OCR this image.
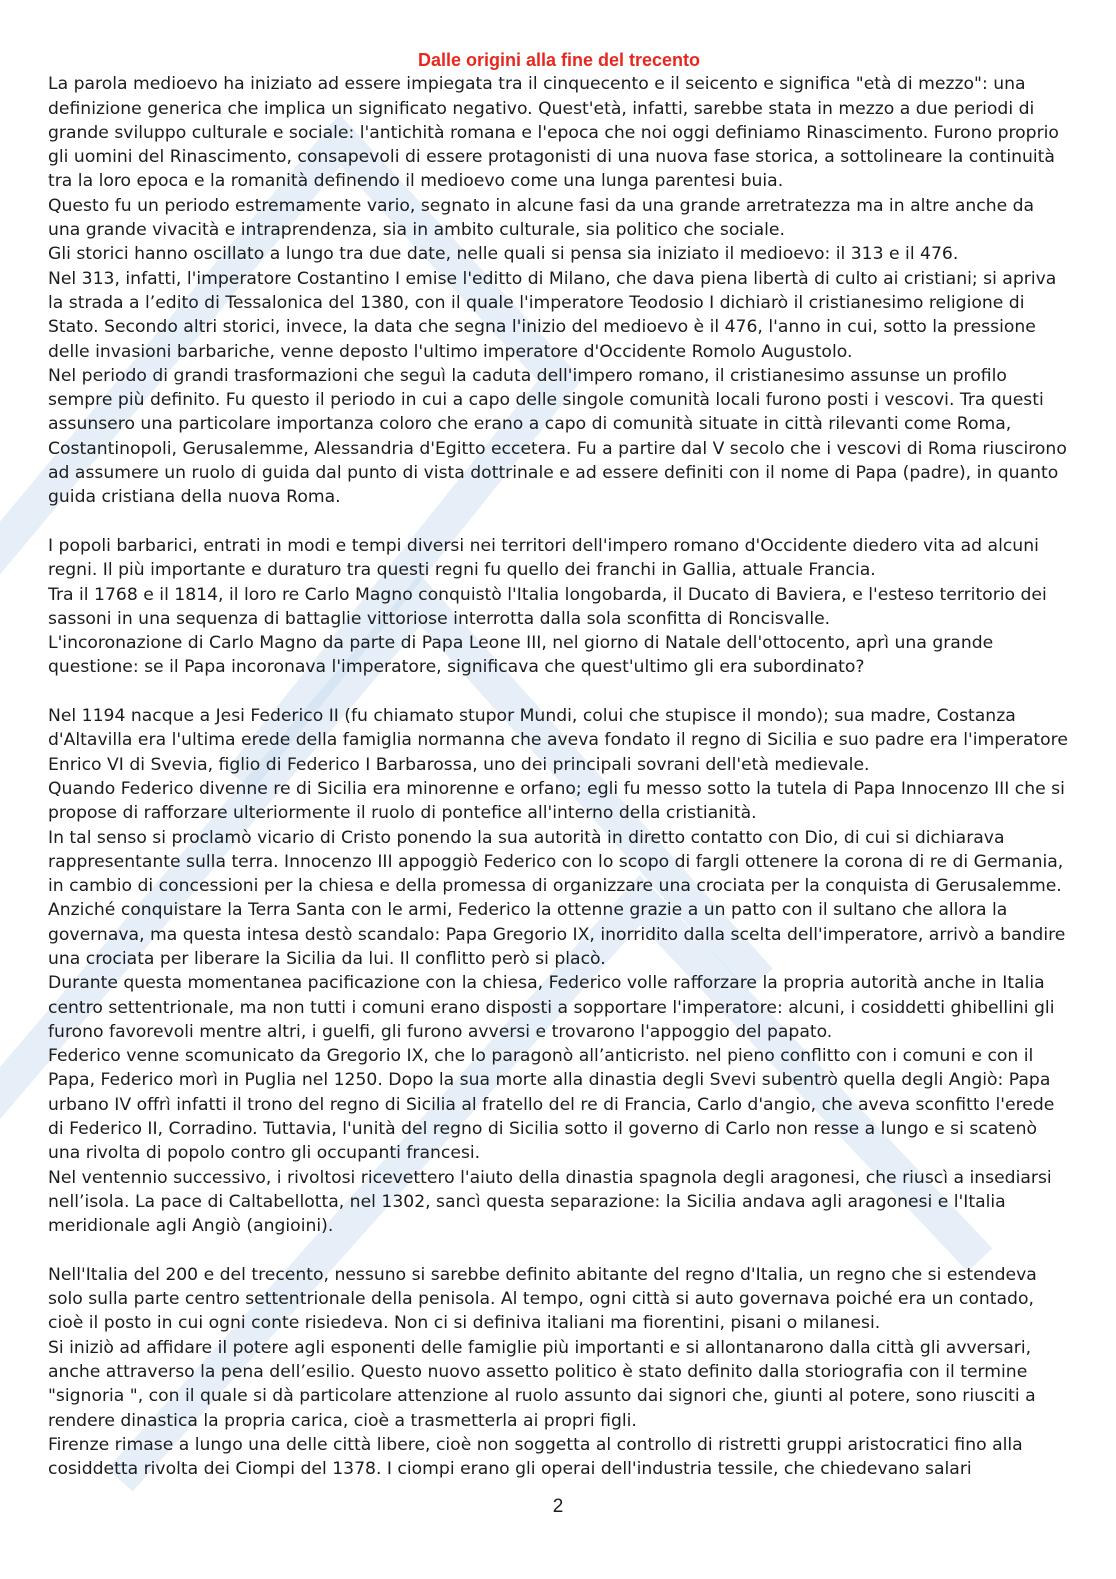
Dalle origini alla fine del trecento

La parola medioevo ha iniziato ad essere impiegata tra il cinquecento e il seicento e significa "età di mezzo": una definizione generica che implica un significato negativo. Quest'età, infatti, sarebbe stata in mezzo a due periodi di grande sviluppo culturale e sociale: l'antichità romana e l'epoca che noi oggi definiamo Rinascimento. Furono proprio gli uomini del Rinascimento, consapevoli di essere protagonisti di una nuova fase storica, a sottolineare la continuità tra la loro epoca e la romanità definendo il medioevo come una lunga parentesi buia.

Questo fu un periodo estremamente vario, segnato in alcune fasi da una grande arretratezza ma in altre anche da una grande vivacità e intraprendenza, sia in ambito culturale, sia politico che sociale.

Gli storici hanno oscillato a lungo tra due date, nelle quali si pensa sia iniziato il medioevo: il 313 e il 476.

Nel 313, infatti, l'imperatore Costantino I emise l'editto di Milano, che dava piena libertà di culto ai cristiani; si apriva la strada a l’edito di Tessalonica del 1380, con il quale l'imperatore Teodosio I dichiarò il cristianesimo religione di Stato. Secondo altri storici, invece, la data che segna l'inizio del medioevo è il 476, l'anno in cui, sotto la pressione delle invasioni barbariche, venne deposto l'ultimo imperatore d'Occidente Romolo Augustolo.

Nel periodo di grandi trasformazioni che seguì la caduta dell'impero romano, il cristianesimo assunse un profilo sempre più definito. Fu questo il periodo in cui a capo delle singole comunità locali furono posti i vescovi. Tra questi assunsero una particolare importanza coloro che erano a capo di comunità situate in città rilevanti come Roma, Costantinopoli, Gerusalemme, Alessandria d'Egitto eccetera. Fu a partire dal V secolo che i vescovi di Roma riuscirono ad assumere un ruolo di guida dal punto di vista dottrinale e ad essere definiti con il nome di Papa (padre), in quanto guida cristiana della nuova Roma.

I popoli barbarici, entrati in modi e tempi diversi nei territori dell'impero romano d'Occidente diedero vita ad alcuni regni. Il più importante e duraturo tra questi regni fu quello dei franchi in Gallia, attuale Francia.

Tra il 1768 e il 1814, il loro re Carlo Magno conquistò l'Italia longobarda, il Ducato di Baviera, e l'esteso territorio dei sassoni in una sequenza di battaglie vittoriose interrotta dalla sola sconfitta di Roncisvalle.

L'incoronazione di Carlo Magno da parte di Papa Leone III, nel giorno di Natale dell'ottocento, aprì una grande questione: se il Papa incoronava l'imperatore, significava che quest'ultimo gli era subordinato?

Nel 1194 nacque a Jesi Federico II (fu chiamato stupor Mundi, colui che stupisce il mondo); sua madre, Costanza d'Altavilla era l'ultima erede della famiglia normanna che aveva fondato il regno di Sicilia e suo padre era l'imperatore Enrico VI di Svevia, figlio di Federico I Barbarossa, uno dei principali sovrani dell'età medievale.

Quando Federico divenne re di Sicilia era minorenne e orfano; egli fu messo sotto la tutela di Papa Innocenzo III che si propose di rafforzare ulteriormente il ruolo di pontefice all'interno della cristianità.

In tal senso si proclamò vicario di Cristo ponendo la sua autorità in diretto contatto con Dio, di cui si dichiarava rappresentante sulla terra. Innocenzo III appoggiò Federico con lo scopo di fargli ottenere la corona di re di Germania, in cambio di concessioni per la chiesa e della promessa di organizzare una crociata per la conquista di Gerusalemme. Anziché conquistare la Terra Santa con le armi, Federico la ottenne grazie a un patto con il sultano che allora la governava, ma questa intesa destò scandalo: Papa Gregorio IX, inorridito dalla scelta dell'imperatore, arrivò a bandire una crociata per liberare la Sicilia da lui. Il conflitto però si placò.

Durante questa momentanea pacificazione con la chiesa, Federico volle rafforzare la propria autorità anche in Italia centro settentrionale, ma non tutti i comuni erano disposti a sopportare l'imperatore: alcuni, i cosiddetti ghibellini gli furono favorevoli mentre altri, i guelfi, gli furono avversi e trovarono l'appoggio del papato.

Federico venne scomunicato da Gregorio IX, che lo paragonò all’anticristo. nel pieno conflitto con i comuni e con il Papa, Federico morì in Puglia nel 1250. Dopo la sua morte alla dinastia degli Svevi subentrò quella degli Angiò: Papa urbano IV offrì infatti il trono del regno di Sicilia al fratello del re di Francia, Carlo d'angio, che aveva sconfitto l'erede di Federico II, Corradino. Tuttavia, l'unità del regno di Sicilia sotto il governo di Carlo non resse a lungo e si scatenò una rivolta di popolo contro gli occupanti francesi.

Nel ventennio successivo, i rivoltosi ricevettero l'aiuto della dinastia spagnola degli aragonesi, che riuscì a insediarsi nell’isola. La pace di Caltabellotta, nel 1302, sancì questa separazione: la Sicilia andava agli aragonesi e l'Italia meridionale agli Angiò (angioini).

Nell'Italia del 200 e del trecento, nessuno si sarebbe definito abitante del regno d'Italia, un regno che si estendeva solo sulla parte centro settentrionale della penisola. Al tempo, ogni città si auto governava poiché era un contado, cioè il posto in cui ogni conte risiedeva. Non ci si definiva italiani ma fiorentini, pisani o milanesi.

Si iniziò ad affidare il potere agli esponenti delle famiglie più importanti e si allontanarono dalla città gli avversari, anche attraverso la pena dell’esilio. Questo nuovo assetto politico è stato definito dalla storiografia con il termine "signoria ", con il quale si dà particolare attenzione al ruolo assunto dai signori che, giunti al potere, sono riusciti a rendere dinastica la propria carica, cioè a trasmetterla ai propri figli.

Firenze rimase a lungo una delle città libere, cioè non soggetta al controllo di ristretti gruppi aristocratici fino alla cosiddetta rivolta dei Ciompi del 1378. I ciompi erano gli operai dell'industria tessile, che chiedevano salari

2
